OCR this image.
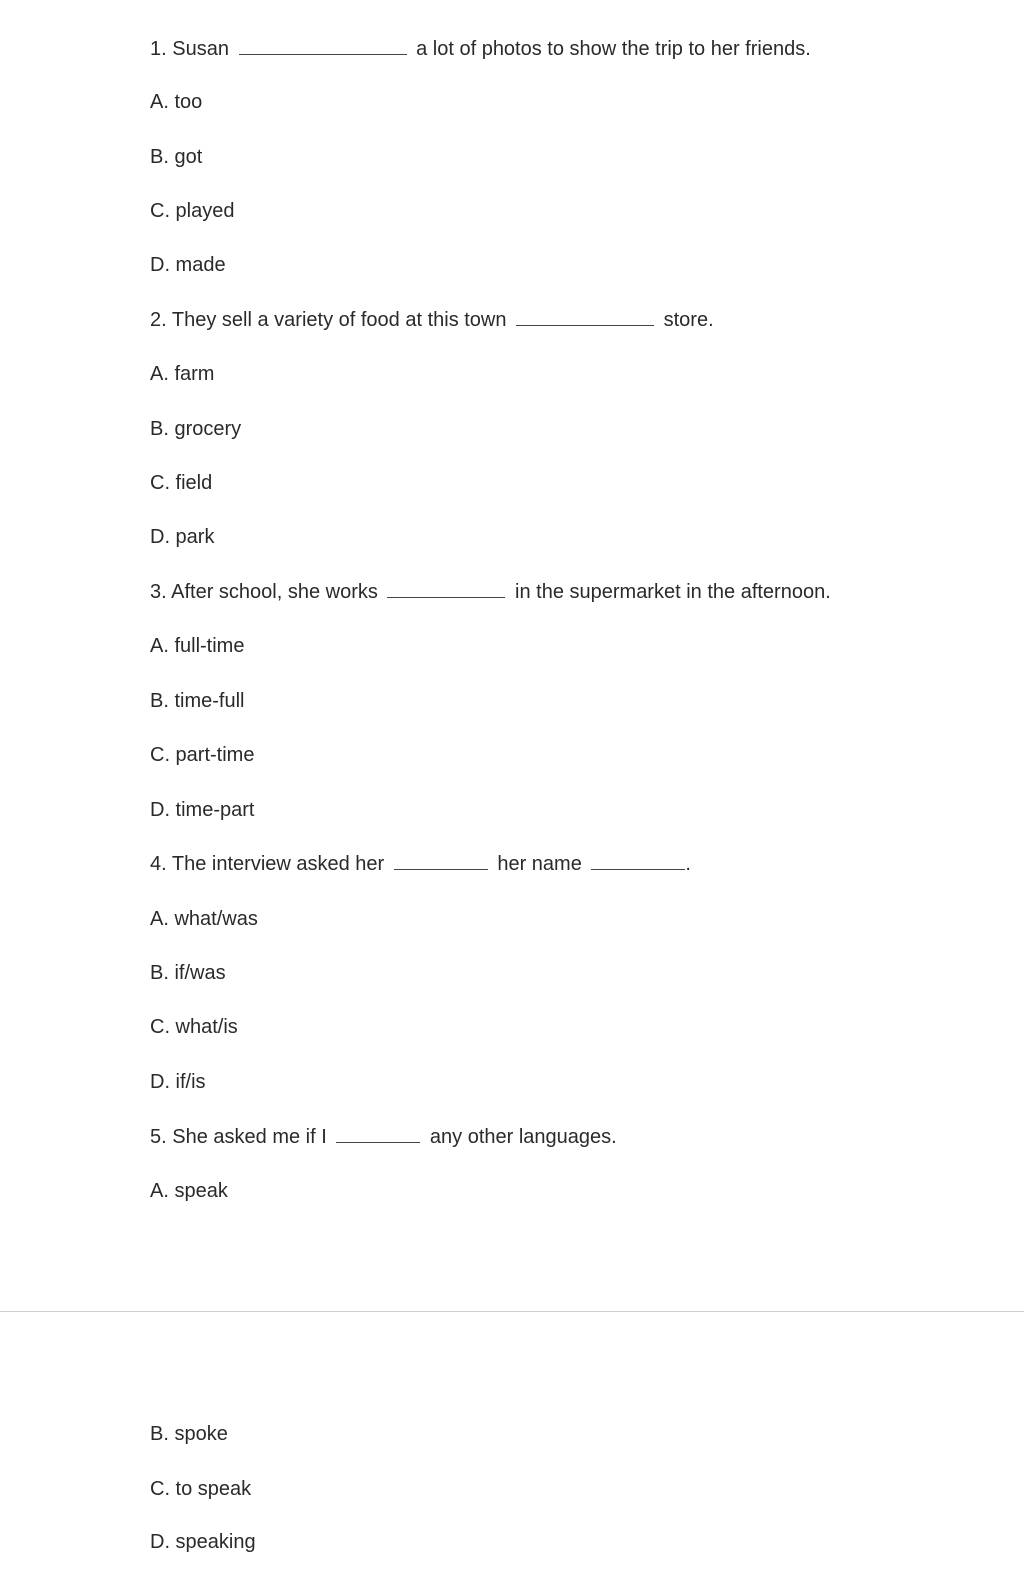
1. Susan	a lot of photos to show the trip to her friends.
A. too
B. got
C. played
D. made
2. They sell a variety of food at this town	store.
A. farm
B. grocery
C. field
D. park
3. After school, she works	in the supermarket in the afternoon.
A. full-time
B. time-full
C. part-time
D. time-part
4. The interview asked her	her name	.
A. what/was
B. if/was
C. what/is
D. if/is
5. She asked me if I	any other languages.
A. speak
B. spoke
C. to speak
D. speaking
